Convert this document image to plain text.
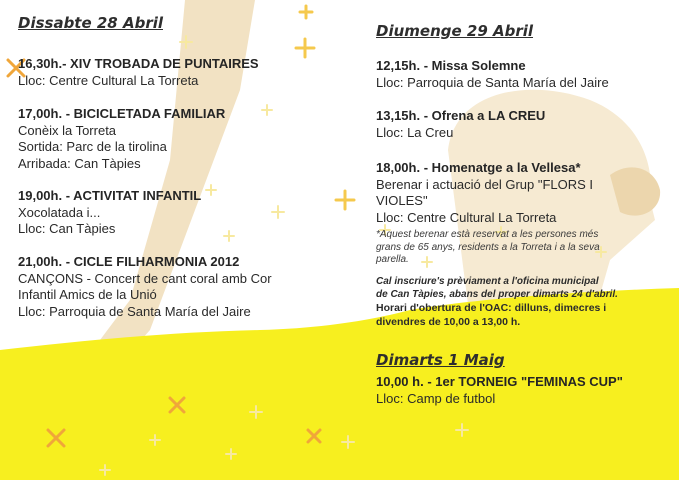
Dissabte 28 Abril
16,30h.- XIV TROBADA DE PUNTAIRES
Lloc: Centre Cultural La Torreta
17,00h. - BICICLETADA FAMILIAR
Conèix la Torreta
Sortida: Parc de la tirolina
Arribada: Can Tàpies
19,00h. - ACTIVITAT INFANTIL
Xocolatada i...
Lloc: Can Tàpies
21,00h. - CICLE FILHARMONIA 2012
CANÇONS - Concert de cant coral amb Cor
Infantil Amics de la Unió
Lloc: Parroquia de Santa María del Jaire
Diumenge 29 Abril
12,15h. - Missa Solemne
Lloc: Parroquia de Santa María del Jaire
13,15h. - Ofrena a LA CREU
Lloc: La Creu
18,00h. - Homenatge a la Vellesa*
Berenar i actuació del Grup "FLORS I
VIOLES"
Lloc: Centre Cultural La Torreta
*Aquest berenar està reservat a les persones més
grans de 65 anys, residents a la Torreta i a la seva
parella.
Cal inscriure's prèviament a l'oficina municipal
de Can Tàpies, abans del proper dimarts 24 d'abril.
Horari d'obertura de l'OAC: dilluns, dimecres i
divendres de 10,00 a 13,00 h.
Dimarts 1 Maig
10,00 h. - 1er TORNEIG "FEMINAS CUP"
Lloc: Camp de futbol
